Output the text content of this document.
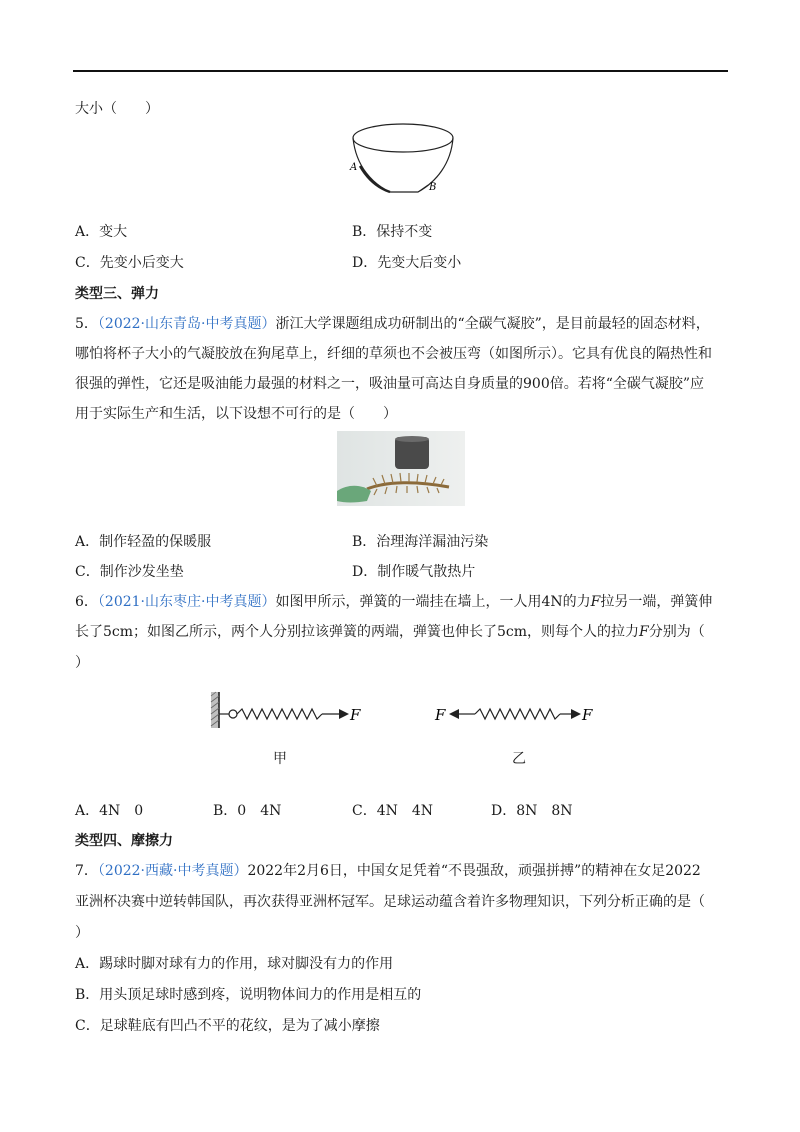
大小（　　）
A
B
A．变大	B．保持不变
C．先变小后变大	D．先变大后变小
类型三、弹力
5．（2022·山东青岛·中考真题）浙江大学课题组成功研制出的“全碳气凝胶”，是目前最轻的固态材料，
哪怕将杯子大小的气凝胶放在狗尾草上，纤细的草须也不会被压弯（如图所示）。它具有优良的隔热性和
很强的弹性，它还是吸油能力最强的材料之一，吸油量可高达自身质量的900倍。若将“全碳气凝胶”应
用于实际生产和生活，以下设想不可行的是（　　）
A．制作轻盈的保暖服	B．治理海洋漏油污染
C．制作沙发坐垫	D．制作暖气散热片
6．（2021·山东枣庄·中考真题）如图甲所示，弹簧的一端挂在墙上，一人用4N的力F拉另一端，弹簧伸
长了5cm；如图乙所示，两个人分别拉该弹簧的两端，弹簧也伸长了5cm，则每个人的拉力F分别为（
）
F
甲
F	F
乙
A．4N　0	B．0　4N	C．4N　4N	D．8N　8N
类型四、摩擦力
7．（2022·西藏·中考真题）2022年2月6日，中国女足凭着“不畏强敌，顽强拼搏”的精神在女足2022
亚洲杯决赛中逆转韩国队，再次获得亚洲杯冠军。足球运动蕴含着许多物理知识，下列分析正确的是（
）
A．踢球时脚对球有力的作用，球对脚没有力的作用
B．用头顶足球时感到疼，说明物体间力的作用是相互的
C．足球鞋底有凹凸不平的花纹，是为了减小摩擦
